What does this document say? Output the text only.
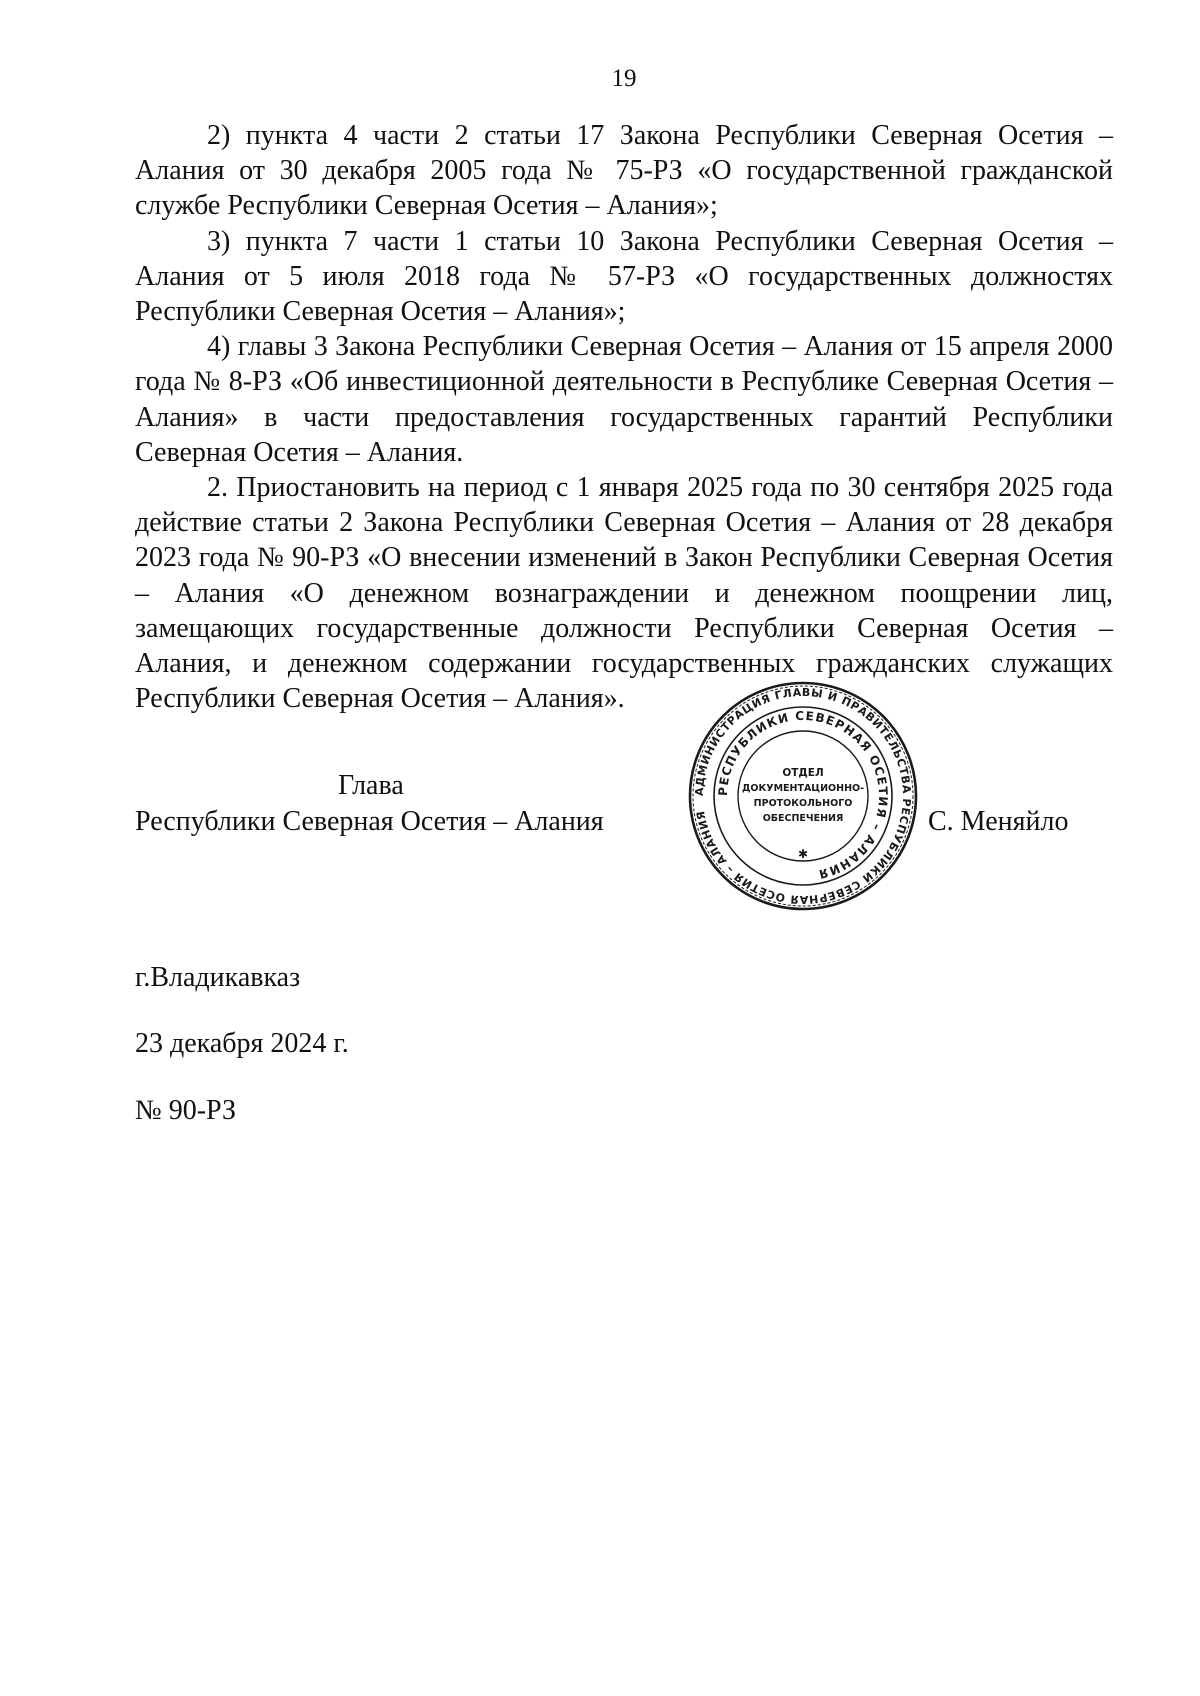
19

2) пункта 4 части 2 статьи 17 Закона Республики Северная Осетия – Алания от 30 декабря 2005 года № 75-РЗ «О государственной гражданской службе Республики Северная Осетия – Алания»;

3) пункта 7 части 1 статьи 10 Закона Республики Северная Осетия – Алания от 5 июля 2018 года № 57-РЗ «О государственных должностях Республики Северная Осетия – Алания»;

4) главы 3 Закона Республики Северная Осетия – Алания от 15 апреля 2000 года № 8-РЗ «Об инвестиционной деятельности в Республике Северная Осетия – Алания» в части предоставления государственных гарантий Республики Северная Осетия – Алания.

2. Приостановить на период с 1 января 2025 года по 30 сентября 2025 года действие статьи 2 Закона Республики Северная Осетия – Алания от 28 декабря 2023 года № 90-РЗ «О внесении изменений в Закон Республики Северная Осетия – Алания «О денежном вознаграждении и денежном поощрении лиц, замещающих государственные должности Республики Северная Осетия – Алания, и денежном содержании государственных гражданских служащих Республики Северная Осетия – Алания».

Глава
Республики Северная Осетия – Алания
АДМИНИСТРАЦИЯ ГЛАВЫ И ПРАВИТЕЛЬСТВА РЕСПУБЛИКИ СЕВЕРНАЯ ОСЕТИЯ – АЛАНИЯ
РЕСПУБЛИКИ СЕВЕРНАЯ ОСЕТИЯ – АЛАНИЯ
ОТДЕЛ
ДОКУМЕНТАЦИОННО-
ПРОТОКОЛЬНОГО
ОБЕСПЕЧЕНИЯ
✱
С. Меняйло
г.Владикавказ
23 декабря 2024 г.
№ 90-РЗ
